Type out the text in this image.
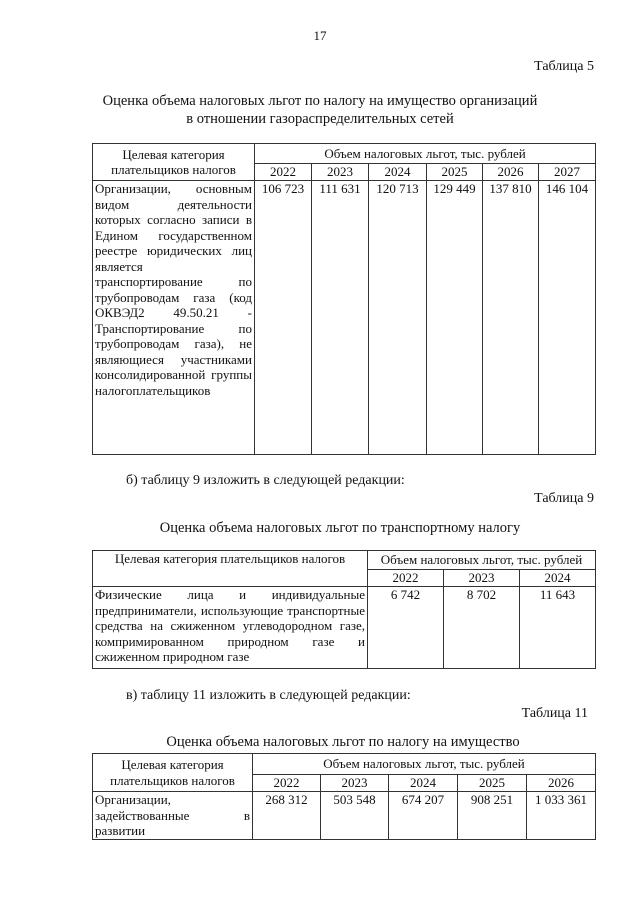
17
Таблица 5
Оценка объема налоговых льгот по налогу на имущество организаций
в отношении газораспределительных сетей
Целевая категория плательщиков налогов	Объем налоговых льгот, тыс. рублей					
	2022	2023	2024	2025	2026	2027
Организации, основным видом деятельности которых согласно записи в Едином государственном реестре юридических лиц является транспортирование по трубопроводам газа (код ОКВЭД2 49.50.21 - Транспортирование по трубопроводам газа), не являющиеся участниками консолидированной группы налогоплательщиков	106 723	111 631	120 713	129 449	137 810	146 104
б) таблицу 9 изложить в следующей редакции:
Таблица 9
Оценка объема налоговых льгот по транспортному налогу
Целевая категория плательщиков налогов	Объем налоговых льгот, тыс. рублей		
	2022	2023	2024
Физические лица и индивидуальные предприниматели, использующие транспортные средства на сжиженном углеводородном газе, компримированном природном газе и сжиженном природном газе	6 742	8 702	11 643
в) таблицу 11 изложить в следующей редакции:
Таблица 11
Оценка объема налоговых льгот по налогу на имущество
Целевая категория плательщиков налогов	Объем налоговых льгот, тыс. рублей				
	2022	2023	2024	2025	2026
Организации, задействованные в развитии	268 312	503 548	674 207	908 251	1 033 361
